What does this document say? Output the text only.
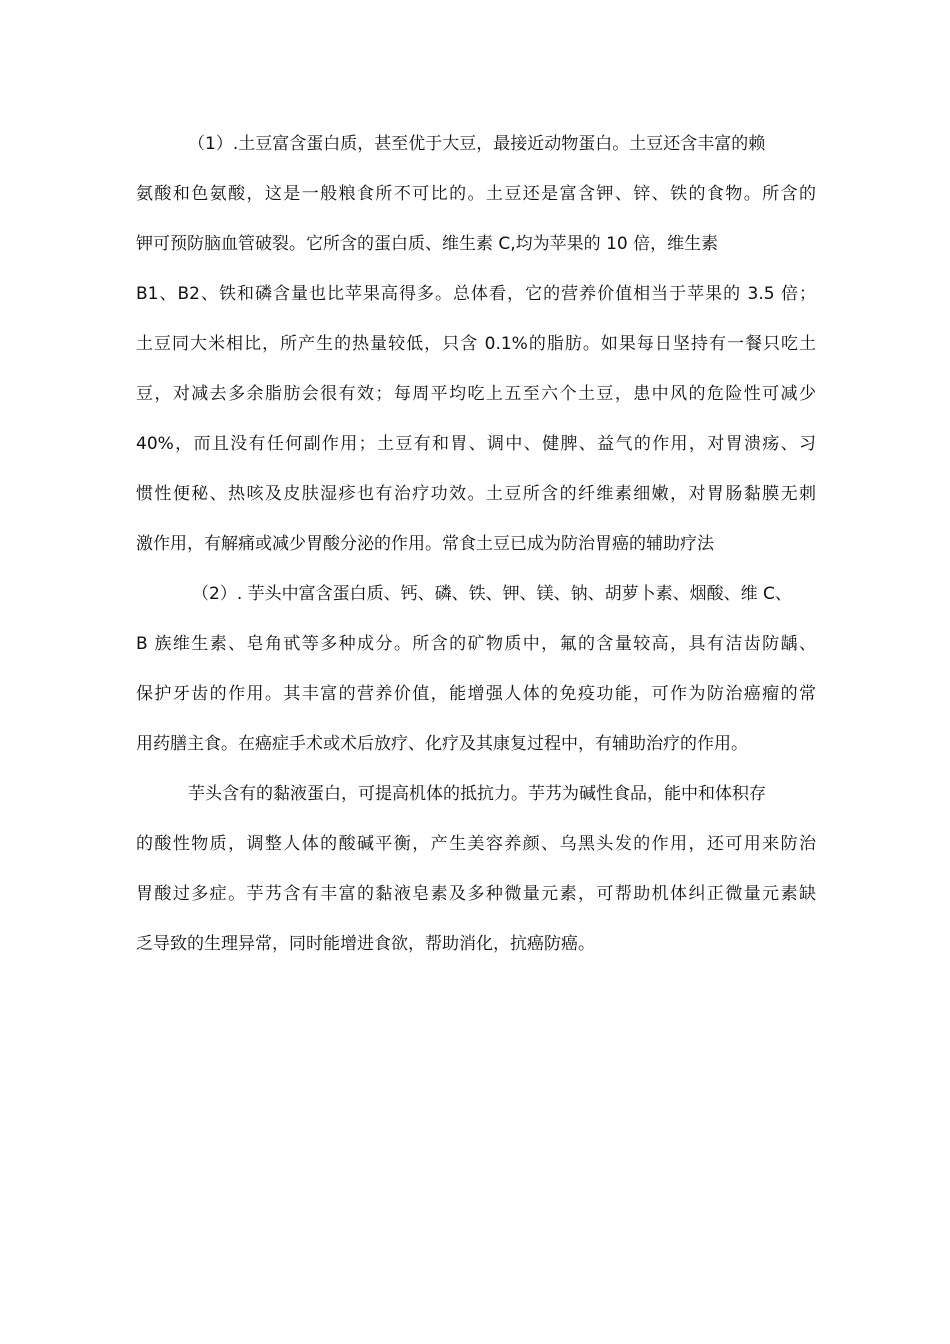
（1）.土豆富含蛋白质，甚至优于大豆，最接近动物蛋白。土豆还含丰富的赖
氨酸和色氨酸，这是一般粮食所不可比的。土豆还是富含钾、锌、铁的食物。所含的
钾可预防脑血管破裂。它所含的蛋白质、维生素 C,均为苹果的 10 倍，维生素
B1、B2、铁和磷含量也比苹果高得多。总体看，它的营养价值相当于苹果的 3.5 倍；
土豆同大米相比，所产生的热量较低，只含 0.1%的脂肪。如果每日坚持有一餐只吃土
豆，对减去多余脂肪会很有效；每周平均吃上五至六个土豆，患中风的危险性可减少
40%，而且没有任何副作用；土豆有和胃、调中、健脾、益气的作用，对胃溃疡、习
惯性便秘、热咳及皮肤湿疹也有治疗功效。土豆所含的纤维素细嫩，对胃肠黏膜无刺
激作用，有解痛或减少胃酸分泌的作用。常食土豆已成为防治胃癌的辅助疗法
（2）. 芋头中富含蛋白质、钙、磷、铁、钾、镁、钠、胡萝卜素、烟酸、维 C、
B 族维生素、皂角甙等多种成分。所含的矿物质中，氟的含量较高，具有洁齿防龋、
保护牙齿的作用。其丰富的营养价值，能增强人体的免疫功能，可作为防治癌瘤的常
用药膳主食。在癌症手术或术后放疗、化疗及其康复过程中，有辅助治疗的作用。
芋头含有的黏液蛋白，可提高机体的抵抗力。芋艿为碱性食品，能中和体积存
的酸性物质，调整人体的酸碱平衡，产生美容养颜、乌黑头发的作用，还可用来防治
胃酸过多症。芋艿含有丰富的黏液皂素及多种微量元素，可帮助机体纠正微量元素缺
乏导致的生理异常，同时能增进食欲，帮助消化，抗癌防癌。
